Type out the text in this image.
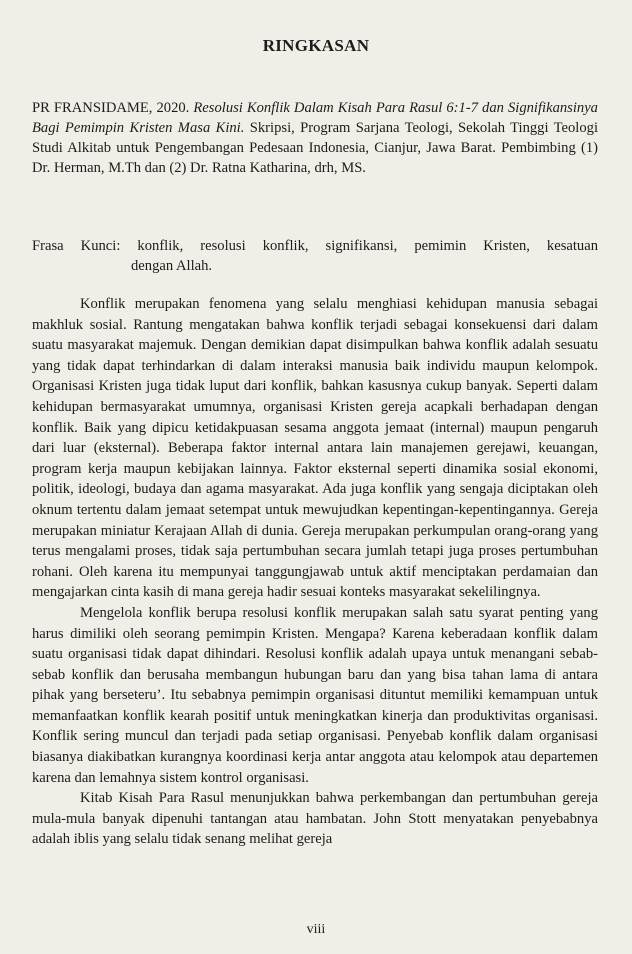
RINGKASAN
PR FRANSIDAME, 2020. Resolusi Konflik Dalam Kisah Para Rasul 6:1-7 dan Signifikansinya Bagi Pemimpin Kristen Masa Kini. Skripsi, Program Sarjana Teologi, Sekolah Tinggi Teologi Studi Alkitab untuk Pengembangan Pedesaan Indonesia, Cianjur, Jawa Barat. Pembimbing (1) Dr. Herman, M.Th dan (2) Dr. Ratna Katharina, drh, MS.
Frasa Kunci: konflik, resolusi konflik, signifikansi, pemimin Kristen, kesatuan
dengan Allah.

Konflik merupakan fenomena yang selalu menghiasi kehidupan manusia sebagai makhluk sosial. Rantung mengatakan bahwa konflik terjadi sebagai konsekuensi dari dalam suatu masyarakat majemuk. Dengan demikian dapat disimpulkan bahwa konflik adalah sesuatu yang tidak dapat terhindarkan di dalam interaksi manusia baik individu maupun kelompok. Organisasi Kristen juga tidak luput dari konflik, bahkan kasusnya cukup banyak. Seperti dalam kehidupan bermasyarakat umumnya, organisasi Kristen gereja acapkali berhadapan dengan konflik. Baik yang dipicu ketidakpuasan sesama anggota jemaat (internal) maupun pengaruh dari luar (eksternal). Beberapa faktor internal antara lain manajemen gerejawi, keuangan, program kerja maupun kebijakan lainnya. Faktor eksternal seperti dinamika sosial ekonomi, politik, ideologi, budaya dan agama masyarakat. Ada juga konflik yang sengaja diciptakan oleh oknum tertentu dalam jemaat setempat untuk mewujudkan kepentingan-kepentingannya. Gereja merupakan miniatur Kerajaan Allah di dunia. Gereja merupakan perkumpulan orang-orang yang terus mengalami proses, tidak saja pertumbuhan secara jumlah tetapi juga proses pertumbuhan rohani. Oleh karena itu mempunyai tanggungjawab untuk aktif menciptakan perdamaian dan mengajarkan cinta kasih di mana gereja hadir sesuai konteks masyarakat sekelilingnya.

Mengelola konflik berupa resolusi konflik merupakan salah satu syarat penting yang harus dimiliki oleh seorang pemimpin Kristen. Mengapa? Karena keberadaan konflik dalam suatu organisasi tidak dapat dihindari. Resolusi konflik adalah upaya untuk menangani sebab-sebab konflik dan berusaha membangun hubungan baru dan yang bisa tahan lama di antara pihak yang berseteru’. Itu sebabnya pemimpin organisasi dituntut memiliki kemampuan untuk memanfaatkan konflik kearah positif untuk meningkatkan kinerja dan produktivitas organisasi. Konflik sering muncul dan terjadi pada setiap organisasi. Penyebab konflik dalam organisasi biasanya diakibatkan kurangnya koordinasi kerja antar anggota atau kelompok atau departemen karena dan lemahnya sistem kontrol organisasi.

Kitab Kisah Para Rasul menunjukkan bahwa perkembangan dan pertumbuhan gereja mula-mula banyak dipenuhi tantangan atau hambatan. John Stott menyatakan penyebabnya adalah iblis yang selalu tidak senang melihat gereja

viii
